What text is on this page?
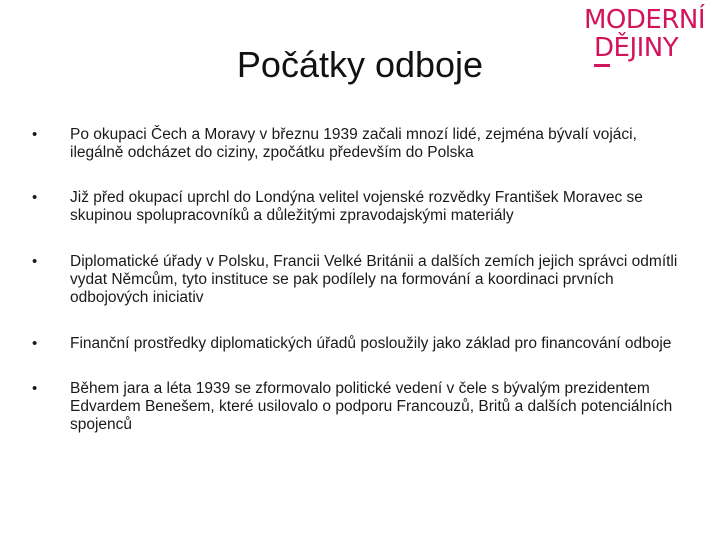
Počátky odboje
MODERNÍ
DĚJINY
• Po okupaci Čech a Moravy v březnu 1939 začali mnozí lidé, zejména bývalí vojáci, ilegálně odcházet do ciziny, zpočátku především do Polska
• Již před okupací uprchl do Londýna velitel vojenské rozvědky František Moravec se skupinou spolupracovníků a důležitými zpravodajskými materiály
• Diplomatické úřady v Polsku, Francii Velké Británii a dalších zemích jejich správci odmítli vydat Němcům, tyto instituce se pak podílely na formování a koordinaci prvních odbojových iniciativ
• Finanční prostředky diplomatických úřadů posloužily jako základ pro financování odboje
• Během jara a léta 1939 se zformovalo politické vedení v čele s bývalým prezidentem Edvardem Benešem, které usilovalo o podporu Francouzů, Britů a dalších potenciálních spojenců
